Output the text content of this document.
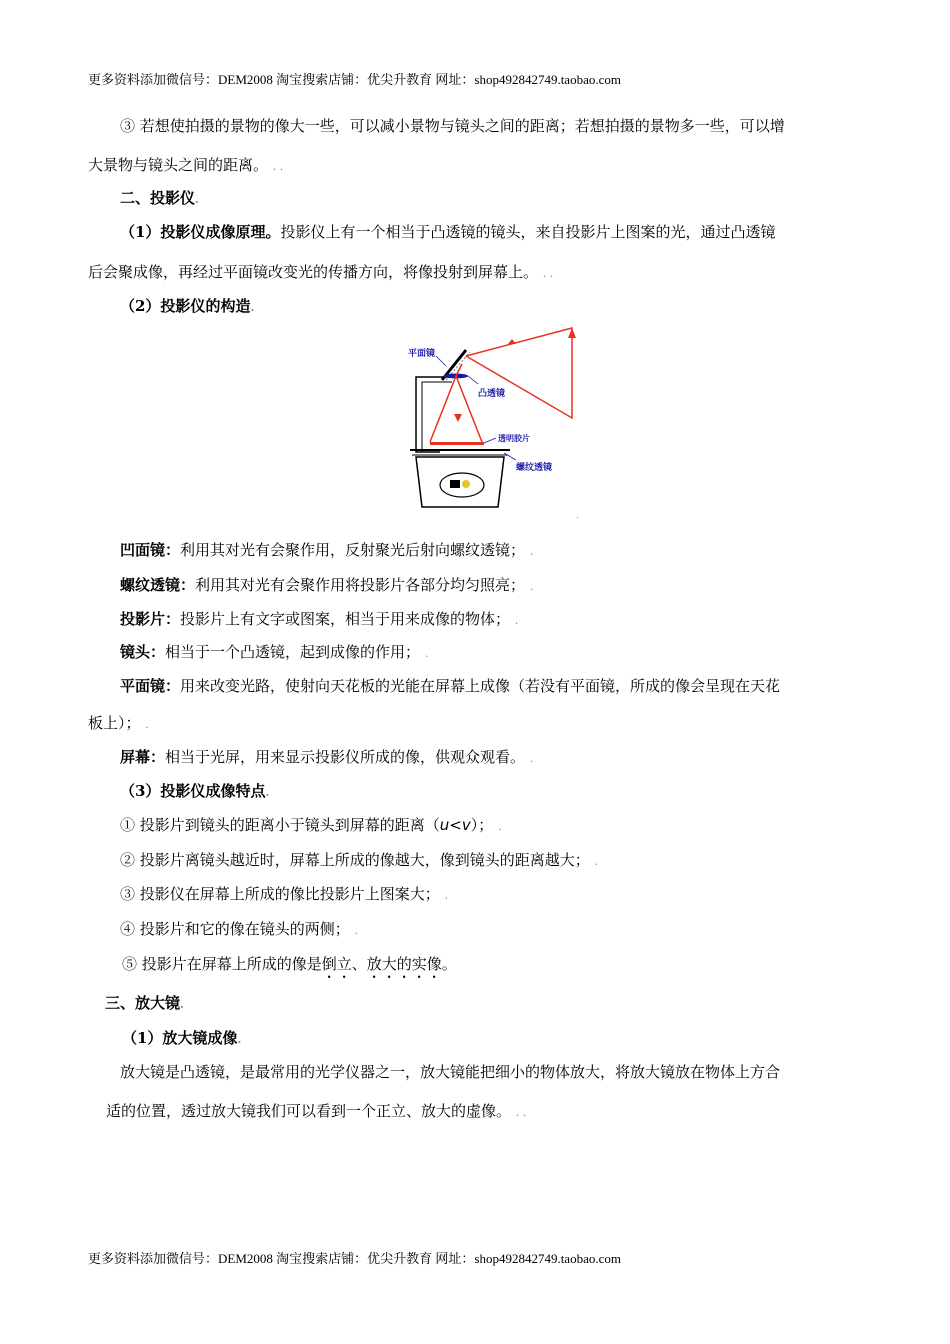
更多资料添加微信号：DEM2008 淘宝搜索店铺：优尖升教育 网址：shop492842749.taobao.com
③ 若想使拍摄的景物的像大一些，可以减小景物与镜头之间的距离；若想拍摄的景物多一些，可以增
大景物与镜头之间的距离。 . .
二、投影仪.
（1）投影仪成像原理。投影仪上有一个相当于凸透镜的镜头，来自投影片上图案的光，通过凸透镜
后会聚成像，再经过平面镜改变光的传播方向，将像投射到屏幕上。 . .
（2）投影仪的构造.
平面镜
凸透镜
透明胶片
螺纹透镜
.
凹面镜：利用其对光有会聚作用，反射聚光后射向螺纹透镜； .
螺纹透镜：利用其对光有会聚作用将投影片各部分均匀照亮； .
投影片：投影片上有文字或图案，相当于用来成像的物体； .
镜头：相当于一个凸透镜，起到成像的作用； .
平面镜：用来改变光路，使射向天花板的光能在屏幕上成像（若没有平面镜，所成的像会呈现在天花
板上）； .
屏幕：相当于光屏，用来显示投影仪所成的像，供观众观看。 .
（3）投影仪成像特点.
① 投影片到镜头的距离小于镜头到屏幕的距离（u<v）； .
② 投影片离镜头越近时，屏幕上所成的像越大，像到镜头的距离越大； .
③ 投影仪在屏幕上所成的像比投影片上图案大； .
④ 投影片和它的像在镜头的两侧； .
⑤ 投影片在屏幕上所成的像是倒立、放大的实像。
三、放大镜.
（1）放大镜成像.
放大镜是凸透镜，是最常用的光学仪器之一，放大镜能把细小的物体放大，将放大镜放在物体上方合
适的位置，透过放大镜我们可以看到一个正立、放大的虚像。 . .
更多资料添加微信号：DEM2008 淘宝搜索店铺：优尖升教育 网址：shop492842749.taobao.com
